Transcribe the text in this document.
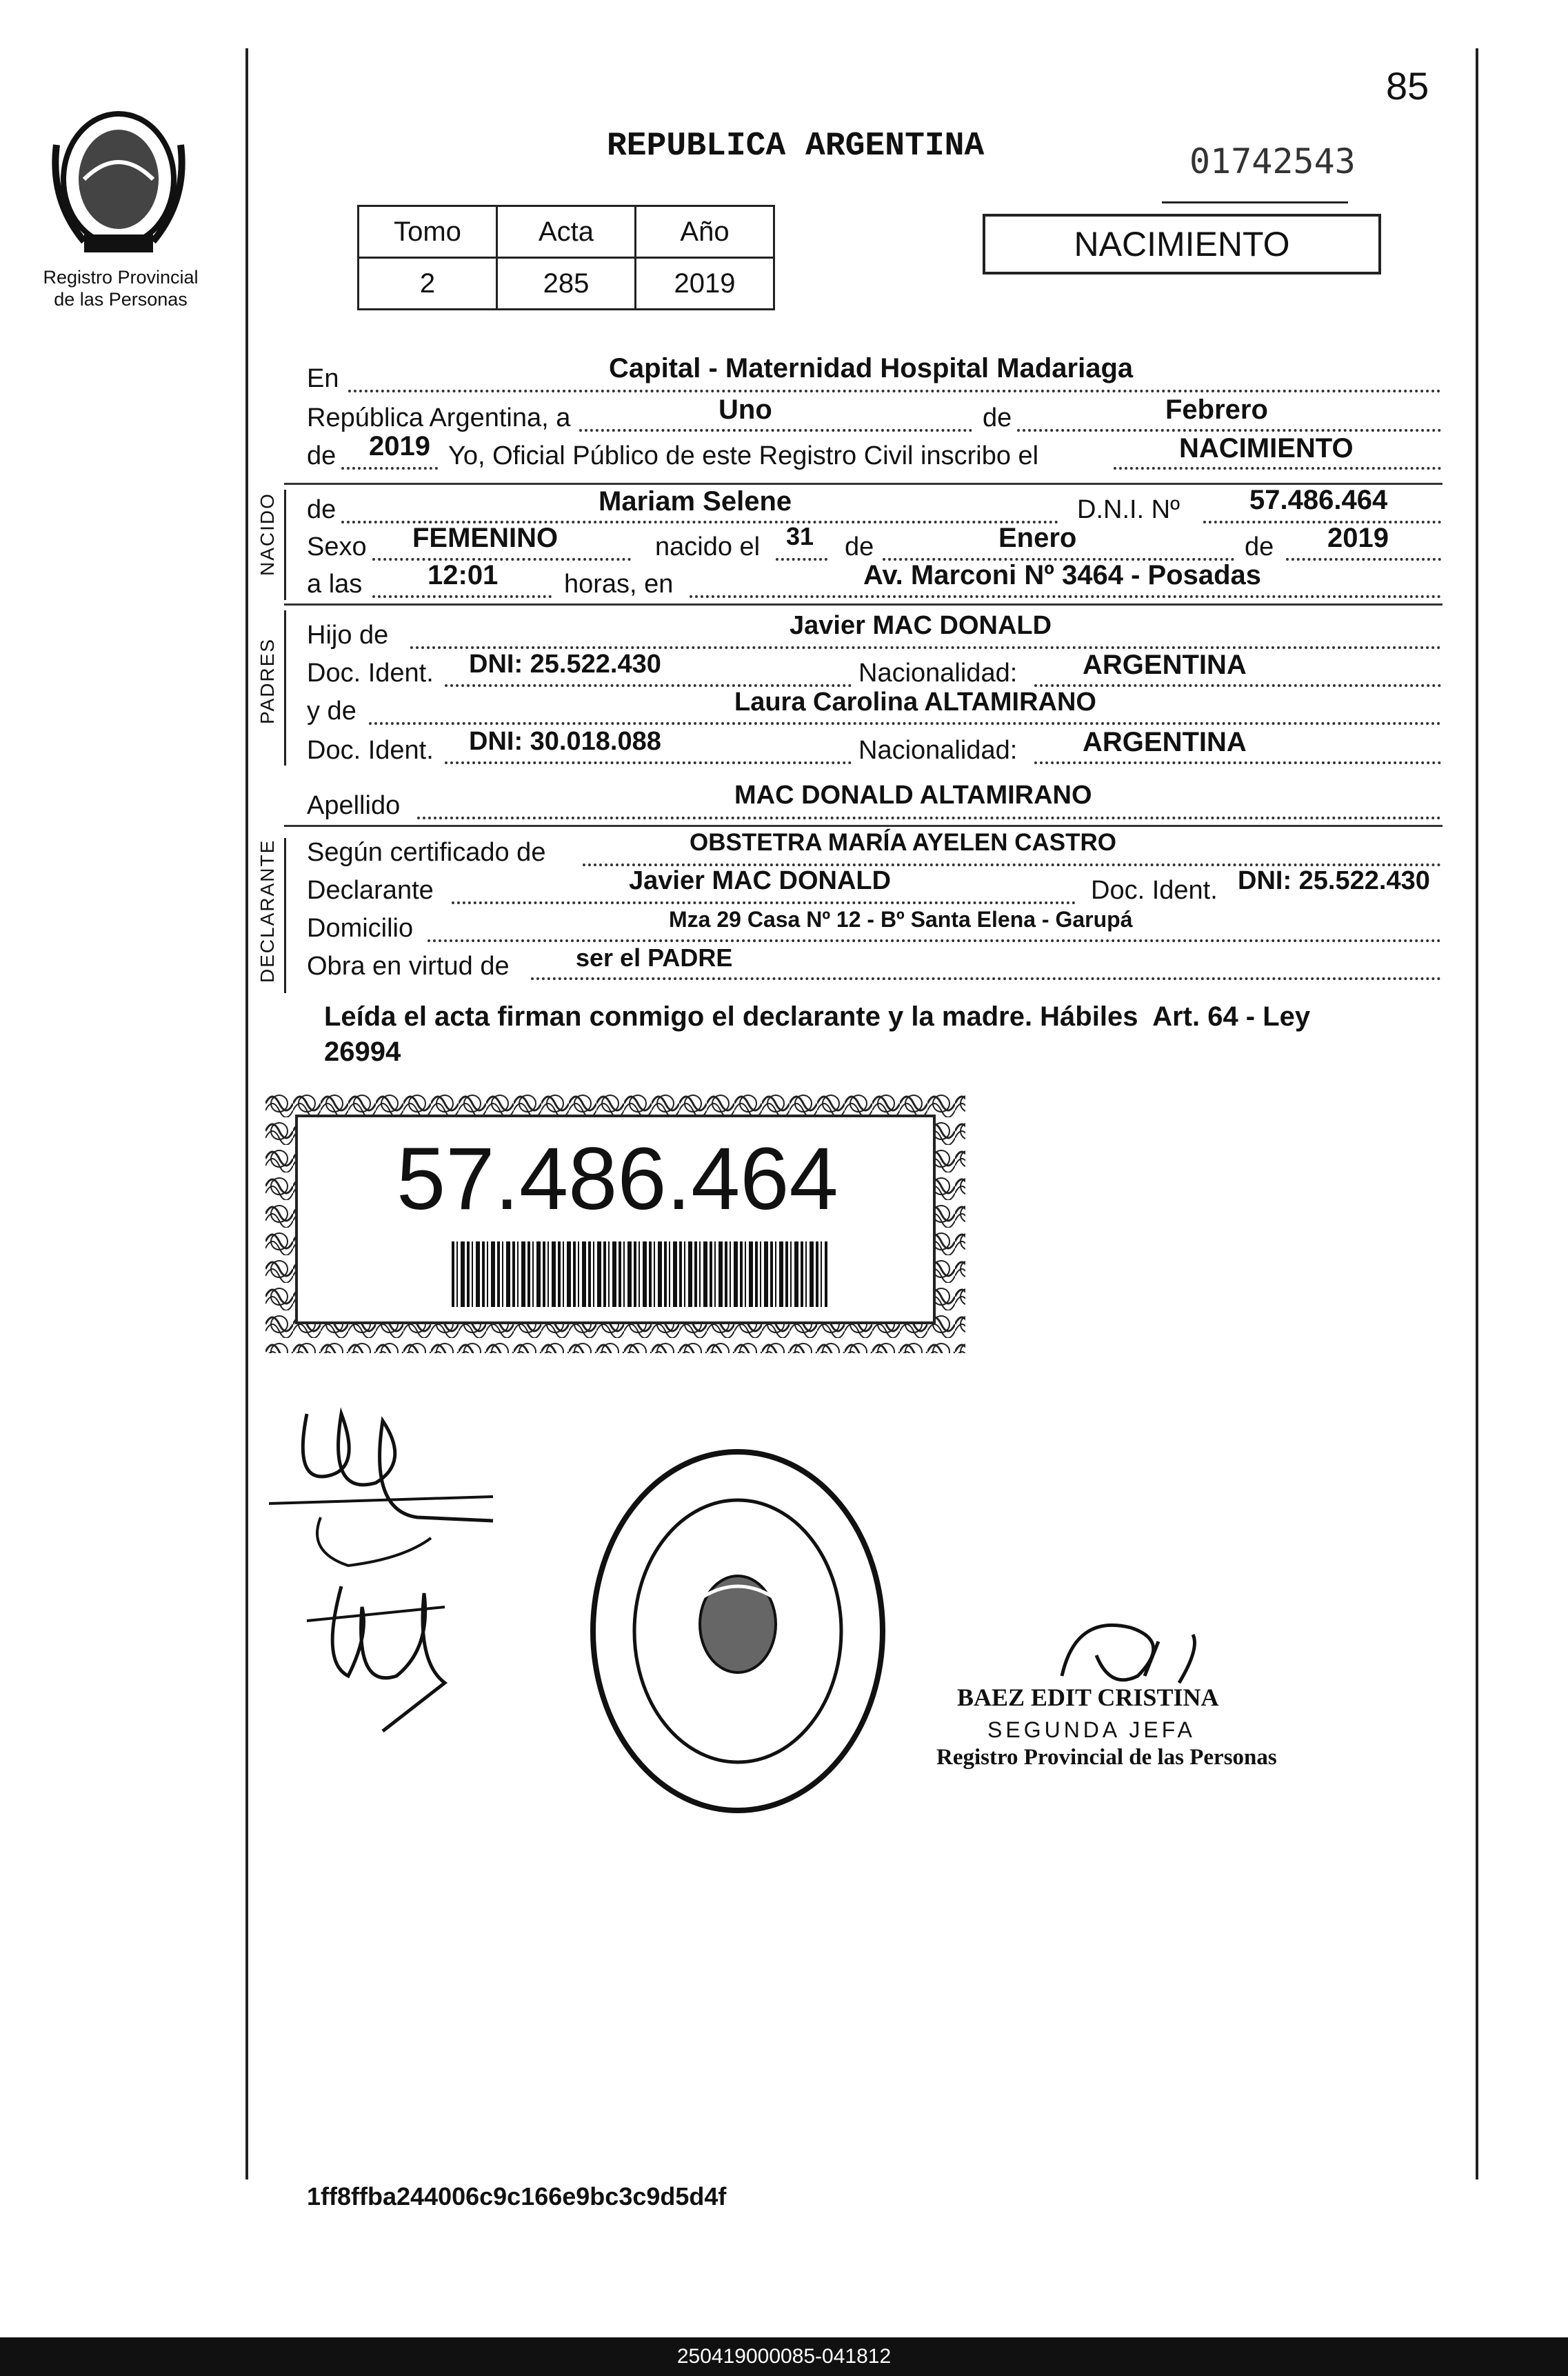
Registro Provincial
de las Personas
85
REPUBLICA ARGENTINA	01742543
NACIMIENTO
Tomo	Acta	Año
2	285	2019
En	Capital - Maternidad Hospital Madariaga
República Argentina, a	Uno	de	Febrero
de 2019 Yo, Oficial Público de este Registro Civil inscribo el	NACIMIENTO
NACIDO de	Mariam Selene	D.N.I. Nº	57.486.464
Sexo FEMENINO	nacido el 31 de	Enero	de 2019
a las 12:01	horas, en	Av. Marconi Nº 3464 - Posadas
PADRES
Hijo de	Javier MAC DONALD
Doc. Ident. DNI: 25.522.430	Nacionalidad: ARGENTINA
y de	Laura Carolina ALTAMIRANO
Doc. Ident. DNI: 30.018.088	Nacionalidad: ARGENTINA
Apellido	MAC DONALD ALTAMIRANO
DECLARANTE Según certificado de	OBSTETRA MARÍA AYELEN CASTRO
Declarante	Javier MAC DONALD	Doc. Ident. DNI: 25.522.430
Domicilio	Mza 29 Casa Nº 12 - Bº Santa Elena - Garupá
Obra en virtud de	ser el PADRE
Leída el acta firman conmigo el declarante y la madre. Hábiles  Art. 64 - Ley
26994
57.486.464
BAEZ EDIT CRISTINA
SEGUNDA JEFA
Registro Provincial de las Personas
1ff8ffba244006c9c166e9bc3c9d5d4f
250419000085-041812
